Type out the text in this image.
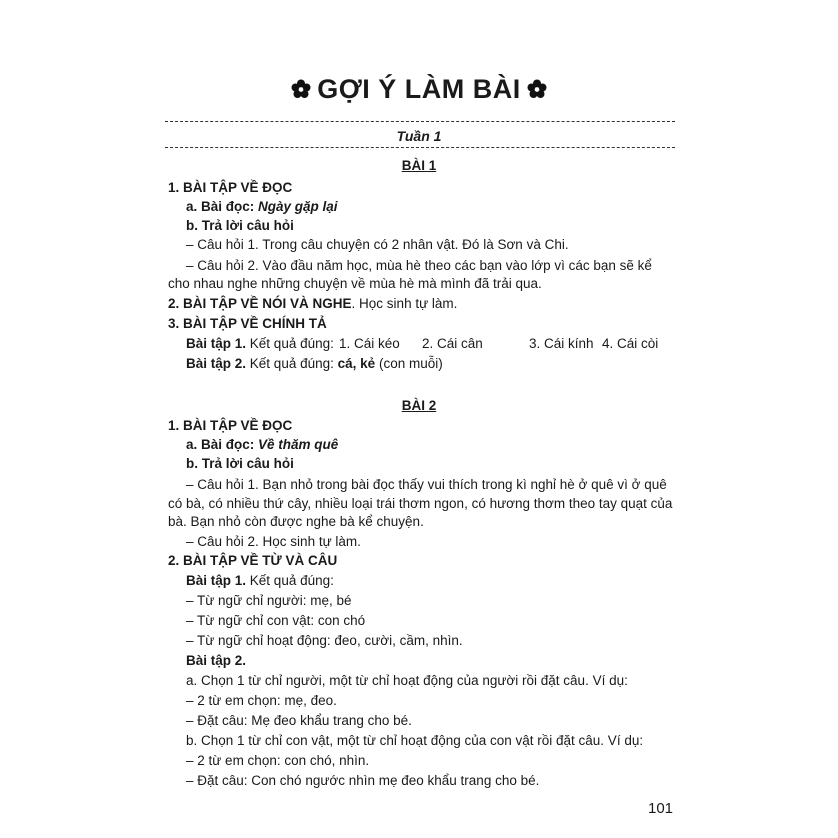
GỢI Ý LÀM BÀI
Tuần 1
BÀI 1
1. BÀI TẬP VỀ ĐỌC
a. Bài đọc: Ngày gặp lại
b. Trả lời câu hỏi
– Câu hỏi 1. Trong câu chuyện có 2 nhân vật. Đó là Sơn và Chi.
– Câu hỏi 2. Vào đầu năm học, mùa hè theo các bạn vào lớp vì các bạn sẽ kể
cho nhau nghe những chuyện về mùa hè mà mình đã trải qua.
2. BÀI TẬP VỀ NÓI VÀ NGHE. Học sinh tự làm.
3. BÀI TẬP VỀ CHÍNH TẢ
Bài tập 1. Kết quả đúng: 1. Cái kéo 2. Cái cân	3. Cái kính 4. Cái còi
Bài tập 2. Kết quả đúng: cá, kẻ (con muỗi)
BÀI 2
1. BÀI TẬP VỀ ĐỌC
a. Bài đọc: Về thăm quê
b. Trả lời câu hỏi
– Câu hỏi 1. Bạn nhỏ trong bài đọc thấy vui thích trong kì nghỉ hè ở quê vì ở quê
có bà, có nhiều thứ cây, nhiều loại trái thơm ngon, có hương thơm theo tay quạt của
bà. Bạn nhỏ còn được nghe bà kể chuyện.
– Câu hỏi 2. Học sinh tự làm.
2. BÀI TẬP VỀ TỪ VÀ CÂU
Bài tập 1. Kết quả đúng:
– Từ ngữ chỉ người: mẹ, bé
– Từ ngữ chỉ con vật: con chó
– Từ ngữ chỉ hoạt động: đeo, cười, cầm, nhìn.
Bài tập 2.
a. Chọn 1 từ chỉ người, một từ chỉ hoạt động của người rồi đặt câu. Ví dụ:
– 2 từ em chọn: mẹ, đeo.
– Đặt câu: Mẹ đeo khẩu trang cho bé.
b. Chọn 1 từ chỉ con vật, một từ chỉ hoạt động của con vật rồi đặt câu. Ví dụ:
– 2 từ em chọn: con chó, nhìn.
– Đặt câu: Con chó ngước nhìn mẹ đeo khẩu trang cho bé.
101
